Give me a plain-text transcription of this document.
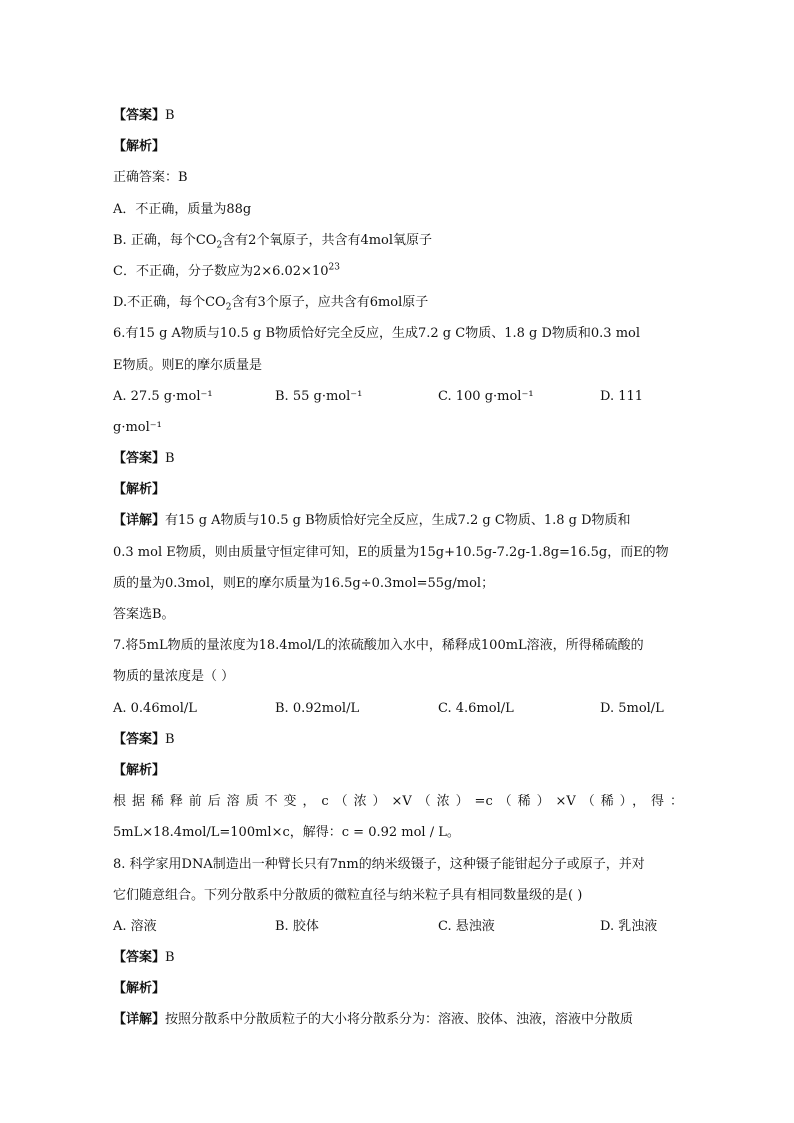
【答案】B
【解析】
正确答案：B
A．不正确，质量为88g
B. 正确，每个$CO_2$含有2个氧原子，共含有4mol氧原子
C．不正确，分子数应为$2\times 6.02\times 10^{23}$
D.不正确，每个$CO_2$含有3个原子，应共含有6mol原子
6.有15 g A物质与10.5 g B物质恰好完全反应，生成7.2 g C物质、1.8 g D物质和0.3 mol
E物质。则E的摩尔质量是
A. 27.5 g·mol⁻¹	B. 55 g·mol⁻¹	C. 100 g·mol⁻¹	D. 111
g·mol⁻¹
【答案】B
【解析】
【详解】有15 g A物质与10.5 g B物质恰好完全反应，生成7.2 g C物质、1.8 g D物质和
0.3 mol E物质，则由质量守恒定律可知，E的质量为15g+10.5g-7.2g-1.8g=16.5g，而E的物
质的量为0.3mol，则E的摩尔质量为16.5g÷0.3mol=55g/mol；
答案选B。
7.将5mL物质的量浓度为18.4mol/L的浓硫酸加入水中，稀释成100mL溶液，所得稀硫酸的
物质的量浓度是（ ）
A. 0.46mol/L	B. 0.92mol/L	C. 4.6mol/L	D. 5mol/L
【答案】B
【解析】
根据稀释前后溶质不变，c（浓）×V（浓）=c（稀）×V（稀），得：
5mL×18.4mol/L=100ml×c，解得：c = 0.92 mol / L。
8. 科学家用DNA制造出一种臂长只有7nm的纳米级镊子，这种镊子能钳起分子或原子，并对
它们随意组合。下列分散系中分散质的微粒直径与纳米粒子具有相同数量级的是( )
A. 溶液	B. 胶体	C. 悬浊液	D. 乳浊液
【答案】B
【解析】
【详解】按照分散系中分散质粒子的大小将分散系分为：溶液、胶体、浊液，溶液中分散质
